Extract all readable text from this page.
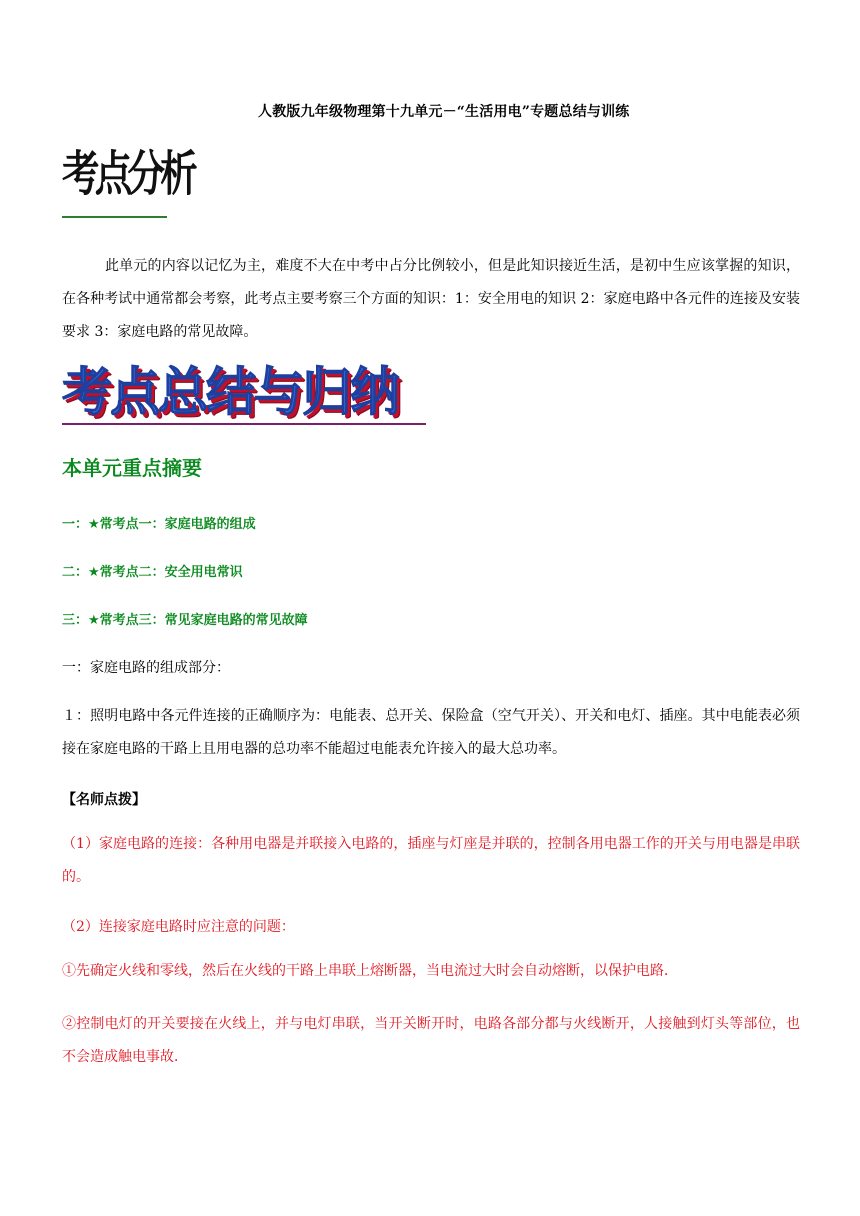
人教版九年级物理第十九单元－“生活用电”专题总结与训练
考点分析
此单元的内容以记忆为主，难度不大在中考中占分比例较小，但是此知识接近生活，是初中生应该掌握的知识，在各种考试中通常都会考察，此考点主要考察三个方面的知识：1：安全用电的知识 2：家庭电路中各元件的连接及安装要求 3：家庭电路的常见故障。
考点总结与归纳
本单元重点摘要
一：★常考点一：家庭电路的组成
二：★常考点二：安全用电常识
三：★常考点三：常见家庭电路的常见故障
一：家庭电路的组成部分：
１：照明电路中各元件连接的正确顺序为：电能表、总开关、保险盒（空气开关）、开关和电灯、插座。其中电能表必须接在家庭电路的干路上且用电器的总功率不能超过电能表允许接入的最大总功率。
【名师点拨】
（1）家庭电路的连接：各种用电器是并联接入电路的，插座与灯座是并联的，控制各用电器工作的开关与用电器是串联的。
（2）连接家庭电路时应注意的问题：
①先确定火线和零线，然后在火线的干路上串联上熔断器，当电流过大时会自动熔断，以保护电路．
②控制电灯的开关要接在火线上，并与电灯串联，当开关断开时，电路各部分都与火线断开，人接触到灯头等部位，也不会造成触电事故．
